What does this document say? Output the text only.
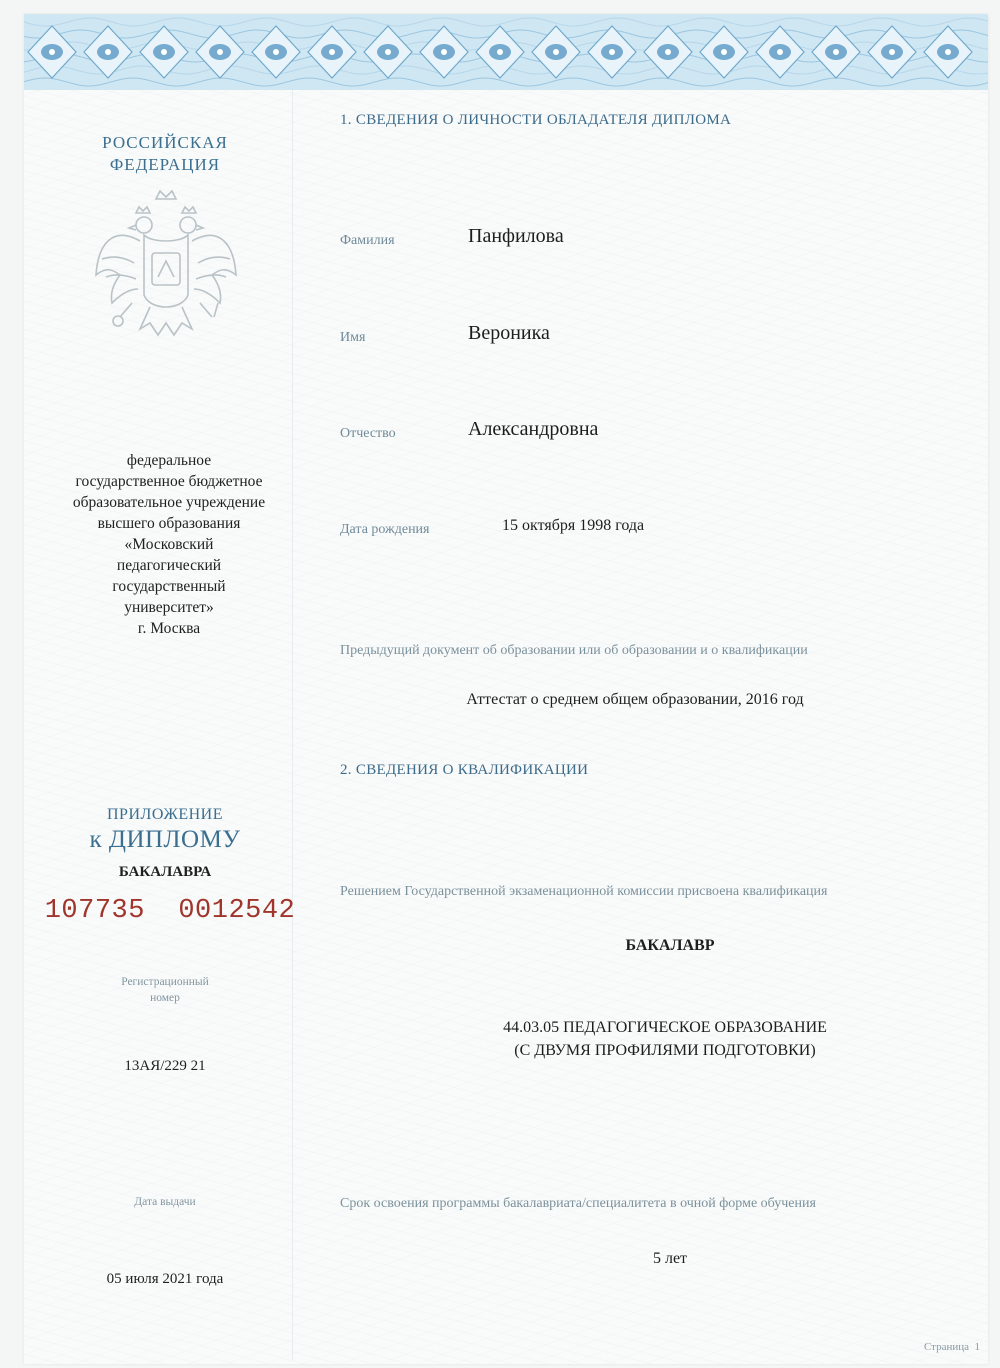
РОССИЙСКАЯ
ФЕДЕРАЦИЯ
федеральное
государственное бюджетное
образовательное учреждение
высшего образования
«Московский
педагогический
государственный
университет»
г. Москва
ПРИЛОЖЕНИЕ
к ДИПЛОМУ
БАКАЛАВРА
107735  0012542
Регистрационный
номер
13АЯ/229 21
Дата выдачи
05 июля 2021 года
1. СВЕДЕНИЯ О ЛИЧНОСТИ ОБЛАДАТЕЛЯ ДИПЛОМА
Фамилия	Панфилова
Имя	Вероника
Отчество	Александровна
Дата рождения	15 октября 1998 года
Предыдущий документ об образовании или об образовании и о квалификации
Аттестат о среднем общем образовании, 2016 год
2. СВЕДЕНИЯ О КВАЛИФИКАЦИИ
Решением Государственной экзаменационной комиссии присвоена квалификация
БАКАЛАВР
44.03.05 ПЕДАГОГИЧЕСКОЕ ОБРАЗОВАНИЕ
(С ДВУМЯ ПРОФИЛЯМИ ПОДГОТОВКИ)
Срок освоения программы бакалавриата/специалитета в очной форме обучения
5 лет
Страница  1
